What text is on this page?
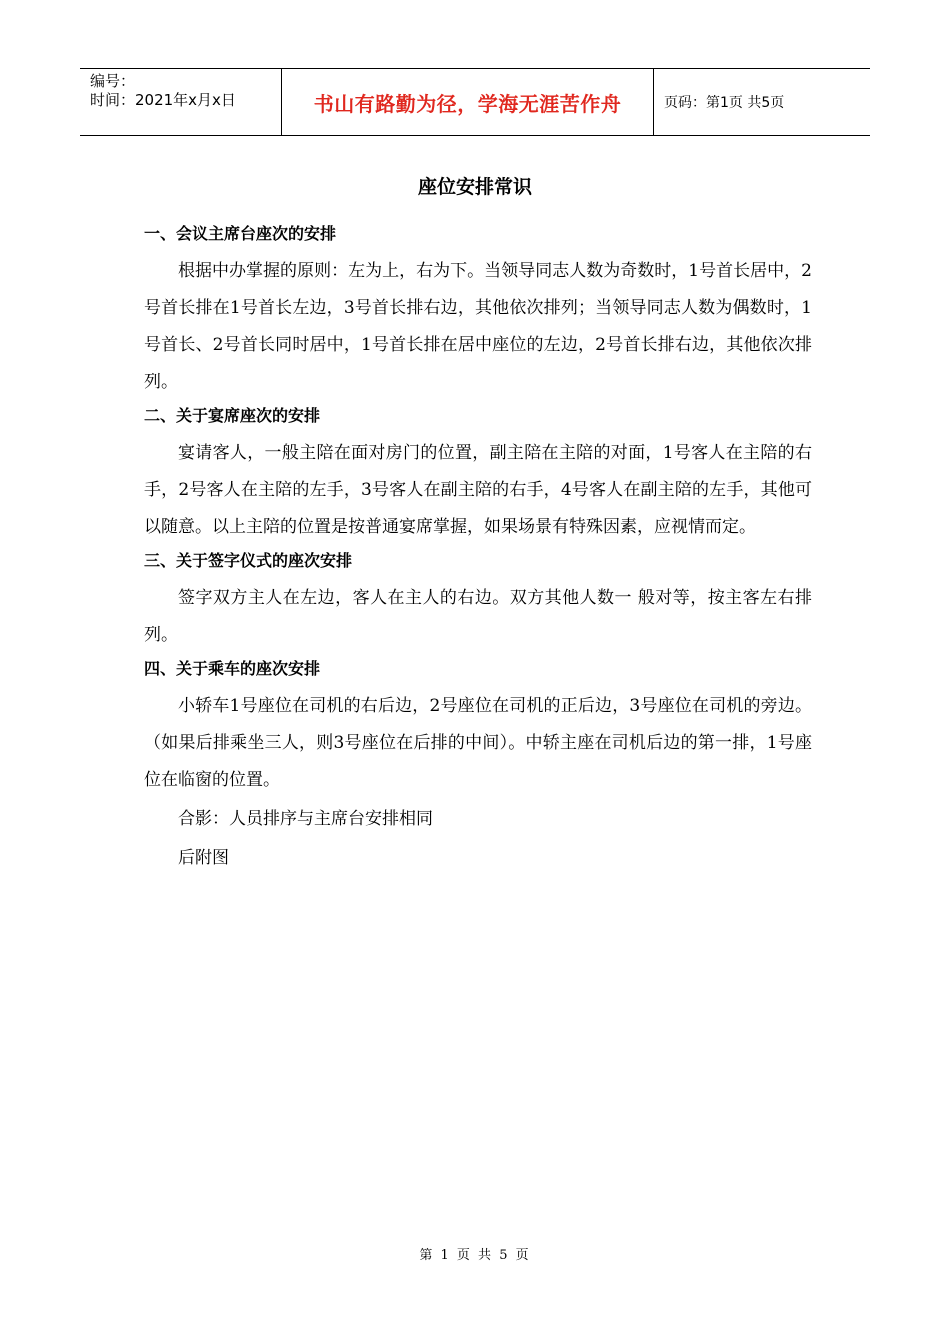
编号：
时间：2021年x月x日	书山有路勤为径，学海无涯苦作舟	页码：第1页 共5页
座位安排常识
一、会议主席台座次的安排

根据中办掌握的原则：左为上，右为下。当领导同志人数为奇数时，1号首长居中，2号首长排在1号首长左边，3号首长排右边，其他依次排列；当领导同志人数为偶数时，1号首长、2号首长同时居中，1号首长排在居中座位的左边，2号首长排右边，其他依次排列。

二、关于宴席座次的安排

宴请客人，一般主陪在面对房门的位置，副主陪在主陪的对面，1号客人在主陪的右手，2号客人在主陪的左手，3号客人在副主陪的右手，4号客人在副主陪的左手，其他可以随意。以上主陪的位置是按普通宴席掌握，如果场景有特殊因素，应视情而定。

三、关于签字仪式的座次安排

签字双方主人在左边，客人在主人的右边。双方其他人数一 般对等，按主客左右排列。

四、关于乘车的座次安排

小轿车1号座位在司机的右后边，2号座位在司机的正后边，3号座位在司机的旁边。（如果后排乘坐三人，则3号座位在后排的中间）。中轿主座在司机后边的第一排，1号座位在临窗的位置。

合影：人员排序与主席台安排相同

后附图

第 1 页 共 5 页
